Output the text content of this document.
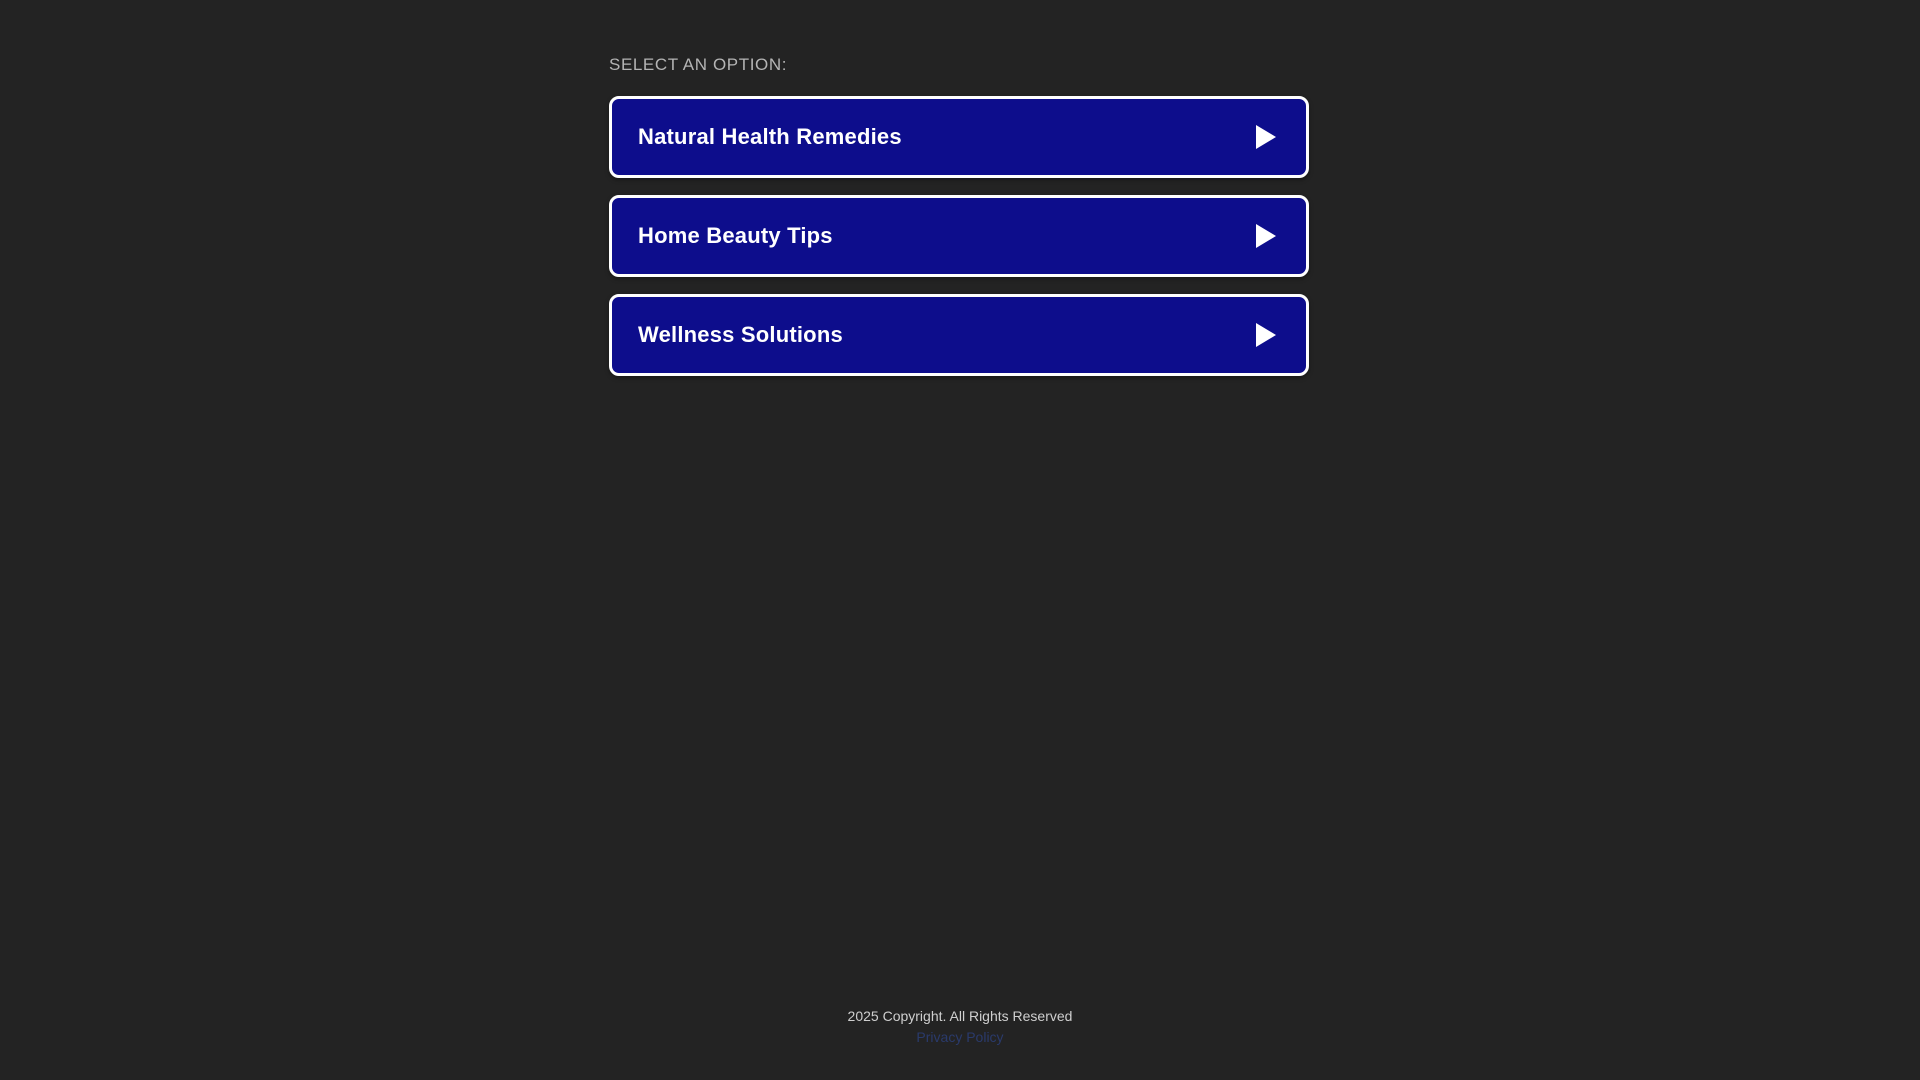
SELECT AN OPTION:
Natural Health Remedies
Home Beauty Tips
Wellness Solutions
2025 Copyright. All Rights Reserved
Privacy Policy
